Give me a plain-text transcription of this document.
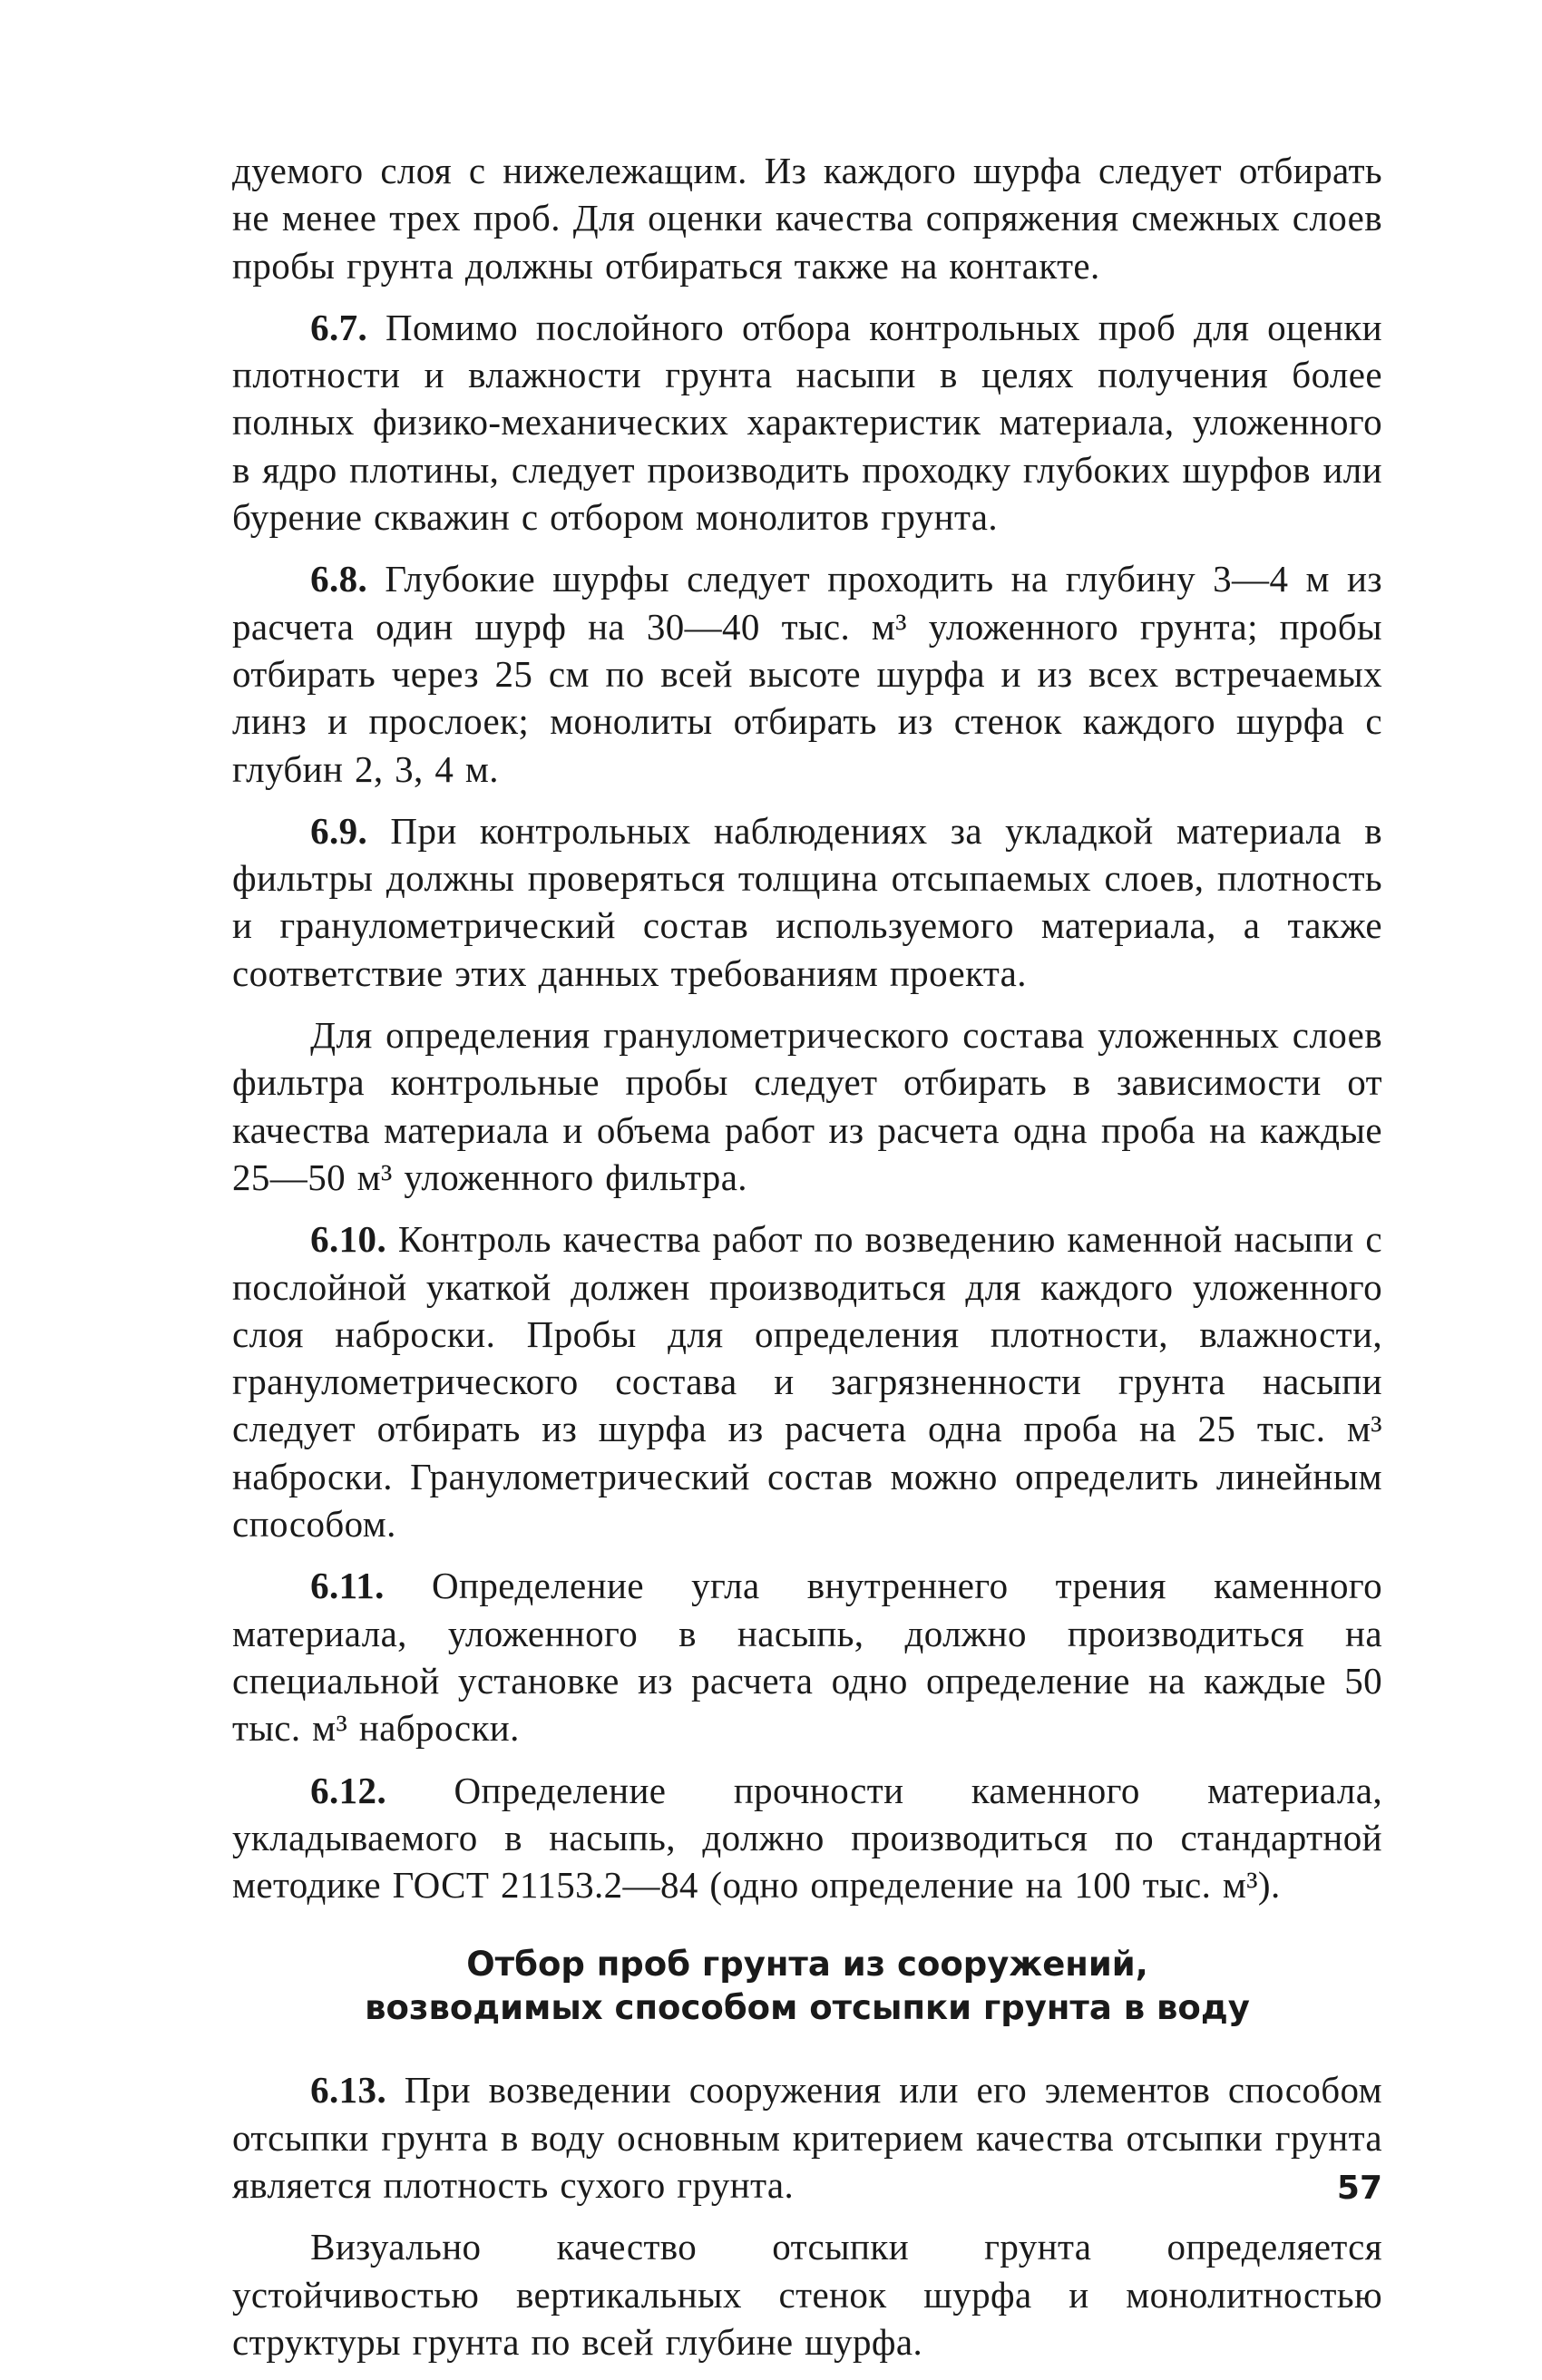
дуемого слоя с нижележащим. Из каждого шурфа следует отбирать не менее трех проб. Для оценки качества сопряжения смежных слоев пробы грунта должны отбираться также на контакте.

6.7. Помимо послойного отбора контрольных проб для оценки плотности и влажности грунта насыпи в целях получения более полных физико-механических характеристик материала, уложенного в ядро плотины, следует производить проходку глубоких шурфов или бурение скважин с отбором монолитов грунта.

6.8. Глубокие шурфы следует проходить на глубину 3—4 м из расчета один шурф на 30—40 тыс. м³ уложенного грунта; пробы отбирать через 25 см по всей высоте шурфа и из всех встречаемых линз и прослоек; монолиты отбирать из стенок каждого шурфа с глубин 2, 3, 4 м.

6.9. При контрольных наблюдениях за укладкой материала в фильтры должны проверяться толщина отсыпаемых слоев, плотность и гранулометрический состав используемого материала, а также соответствие этих данных требованиям проекта.

Для определения гранулометрического состава уложенных слоев фильтра контрольные пробы следует отбирать в зависимости от качества материала и объема работ из расчета одна проба на каждые 25—50 м³ уложенного фильтра.

6.10. Контроль качества работ по возведению каменной насыпи с послойной укаткой должен производиться для каждого уложенного слоя наброски. Пробы для определения плотности, влажности, гранулометрического состава и загрязненности грунта насыпи следует отбирать из шурфа из расчета одна проба на 25 тыс. м³ наброски. Гранулометрический состав можно определить линейным способом.

6.11. Определение угла внутреннего трения каменного материала, уложенного в насыпь, должно производиться на специальной установке из расчета одно определение на каждые 50 тыс. м³ наброски.

6.12. Определение прочности каменного материала, укладываемого в насыпь, должно производиться по стандартной методике ГОСТ 21153.2—84 (одно определение на 100 тыс. м³).

Отбор проб грунта из сооружений,
возводимых способом отсыпки грунта в воду

6.13. При возведении сооружения или его элементов способом отсыпки грунта в воду основным критерием качества отсыпки грунта является плотность сухого грунта.

Визуально качество отсыпки грунта определяется устойчивостью вертикальных стенок шурфа и монолитностью структуры грунта по всей глубине шурфа.

57
